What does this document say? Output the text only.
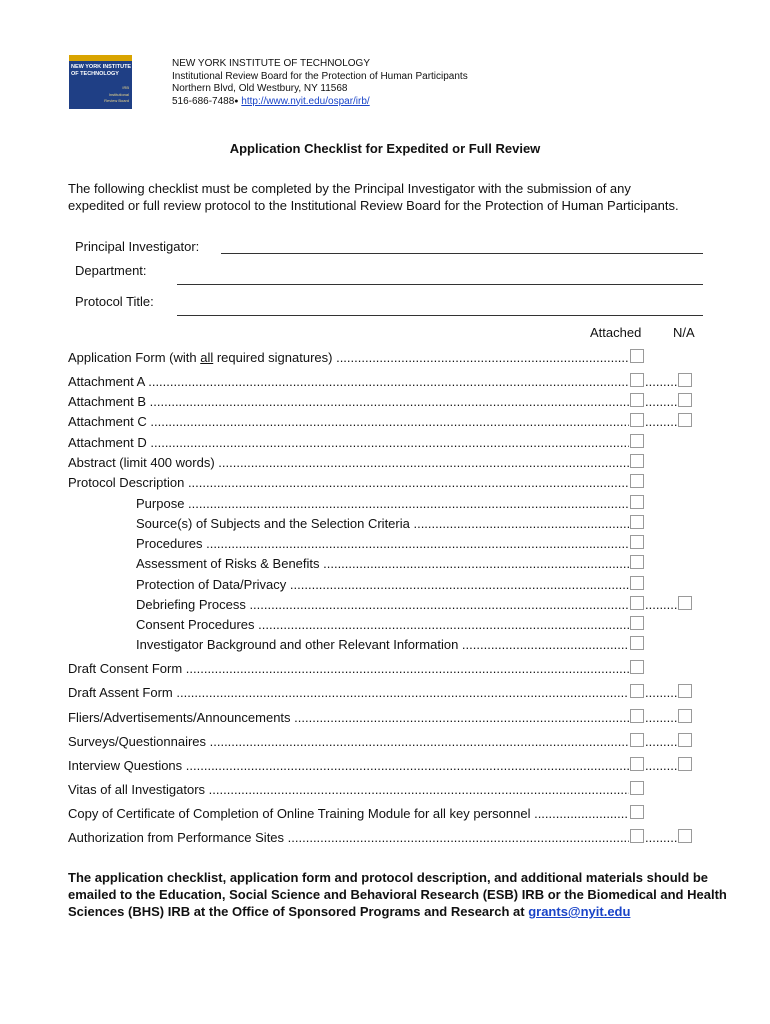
NEW YORK INSTITUTE
OF TECHNOLOGY
IRB
Institutional
Review Board
NEW YORK INSTITUTE OF TECHNOLOGY
Institutional Review Board for the Protection of Human Participants
Northern Blvd, Old Westbury, NY 11568
516-686-7488● http://www.nyit.edu/ospar/irb/
Application Checklist for Expedited or Full Review
The following checklist must be completed by the Principal Investigator with the submission of any expedited or full review protocol to the Institutional Review Board for the Protection of Human Participants.
Principal Investigator:
Department:
Protocol Title:
Attached N/A
Application Form (with all required signatures) .....
Attachment A .....
.....
Attachment B .....
.....
Attachment C .....
.....
Attachment D .....
Abstract (limit 400 words) .....
Protocol Description .....
Purpose .....
Source(s) of Subjects and the Selection Criteria .....
Procedures .....
Assessment of Risks & Benefits .....
Protection of Data/Privacy .....
Debriefing Process .....
.....
Consent Procedures .....
Investigator Background and other Relevant Information .....
Draft Consent Form .....
Draft Assent Form .....
.....
Fliers/Advertisements/Announcements .....
.....
Surveys/Questionnaires .....
.....
Interview Questions .....
.....
Vitas of all Investigators .....
Copy of Certificate of Completion of Online Training Module for all key personnel .....
Authorization from Performance Sites .....
.....
The application checklist, application form and protocol description, and additional materials should be emailed to the Education, Social Science and Behavioral Research (ESB) IRB or the Biomedical and Health Sciences (BHS) IRB at the Office of Sponsored Programs and Research at grants@nyit.edu
